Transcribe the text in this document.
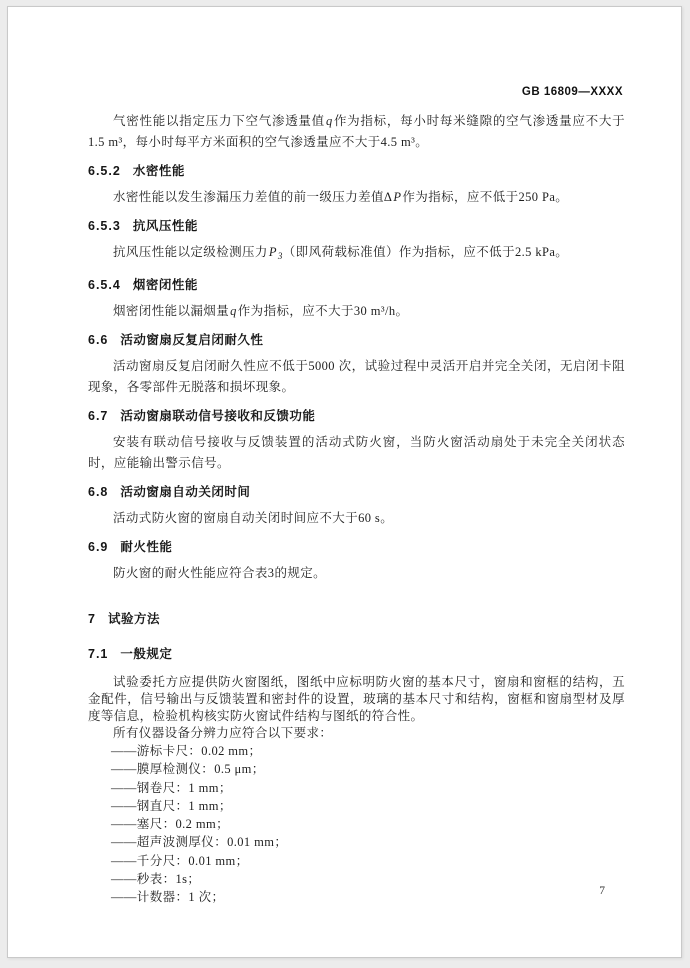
GB 16809—XXXX

气密性能以指定压力下空气渗透量值q作为指标，每小时每米缝隙的空气渗透量应不大于1.5 m³，每小时每平方米面积的空气渗透量应不大于4.5 m³。

6.5.2 水密性能

水密性能以发生渗漏压力差值的前一级压力差值ΔP作为指标，应不低于250 Pa。

6.5.3 抗风压性能

抗风压性能以定级检测压力$P_3$（即风荷载标准值）作为指标，应不低于2.5 kPa。

6.5.4 烟密闭性能

烟密闭性能以漏烟量q作为指标，应不大于30 m³/h。

6.6 活动窗扇反复启闭耐久性

活动窗扇反复启闭耐久性应不低于5000 次，试验过程中灵活开启并完全关闭，无启闭卡阻现象，各零部件无脱落和损坏现象。

6.7 活动窗扇联动信号接收和反馈功能

安装有联动信号接收与反馈装置的活动式防火窗，当防火窗活动扇处于未完全关闭状态时，应能输出警示信号。

6.8 活动窗扇自动关闭时间

活动式防火窗的窗扇自动关闭时间应不大于60 s。

6.9 耐火性能

防火窗的耐火性能应符合表3的规定。

7 试验方法
7.1 一般规定

试验委托方应提供防火窗图纸，图纸中应标明防火窗的基本尺寸，窗扇和窗框的结构，五金配件，信号输出与反馈装置和密封件的设置，玻璃的基本尺寸和结构，窗框和窗扇型材及厚度等信息，检验机构核实防火窗试件结构与图纸的符合性。

所有仪器设备分辨力应符合以下要求：

——游标卡尺：0.02 mm；
——膜厚检测仪：0.5 μm；
——钢卷尺：1 mm；
——钢直尺：1 mm；
——塞尺：0.2 mm；
——超声波测厚仪：0.01 mm；
——千分尺：0.01 mm；
——秒表：1s；
——计数器：1 次；	7
